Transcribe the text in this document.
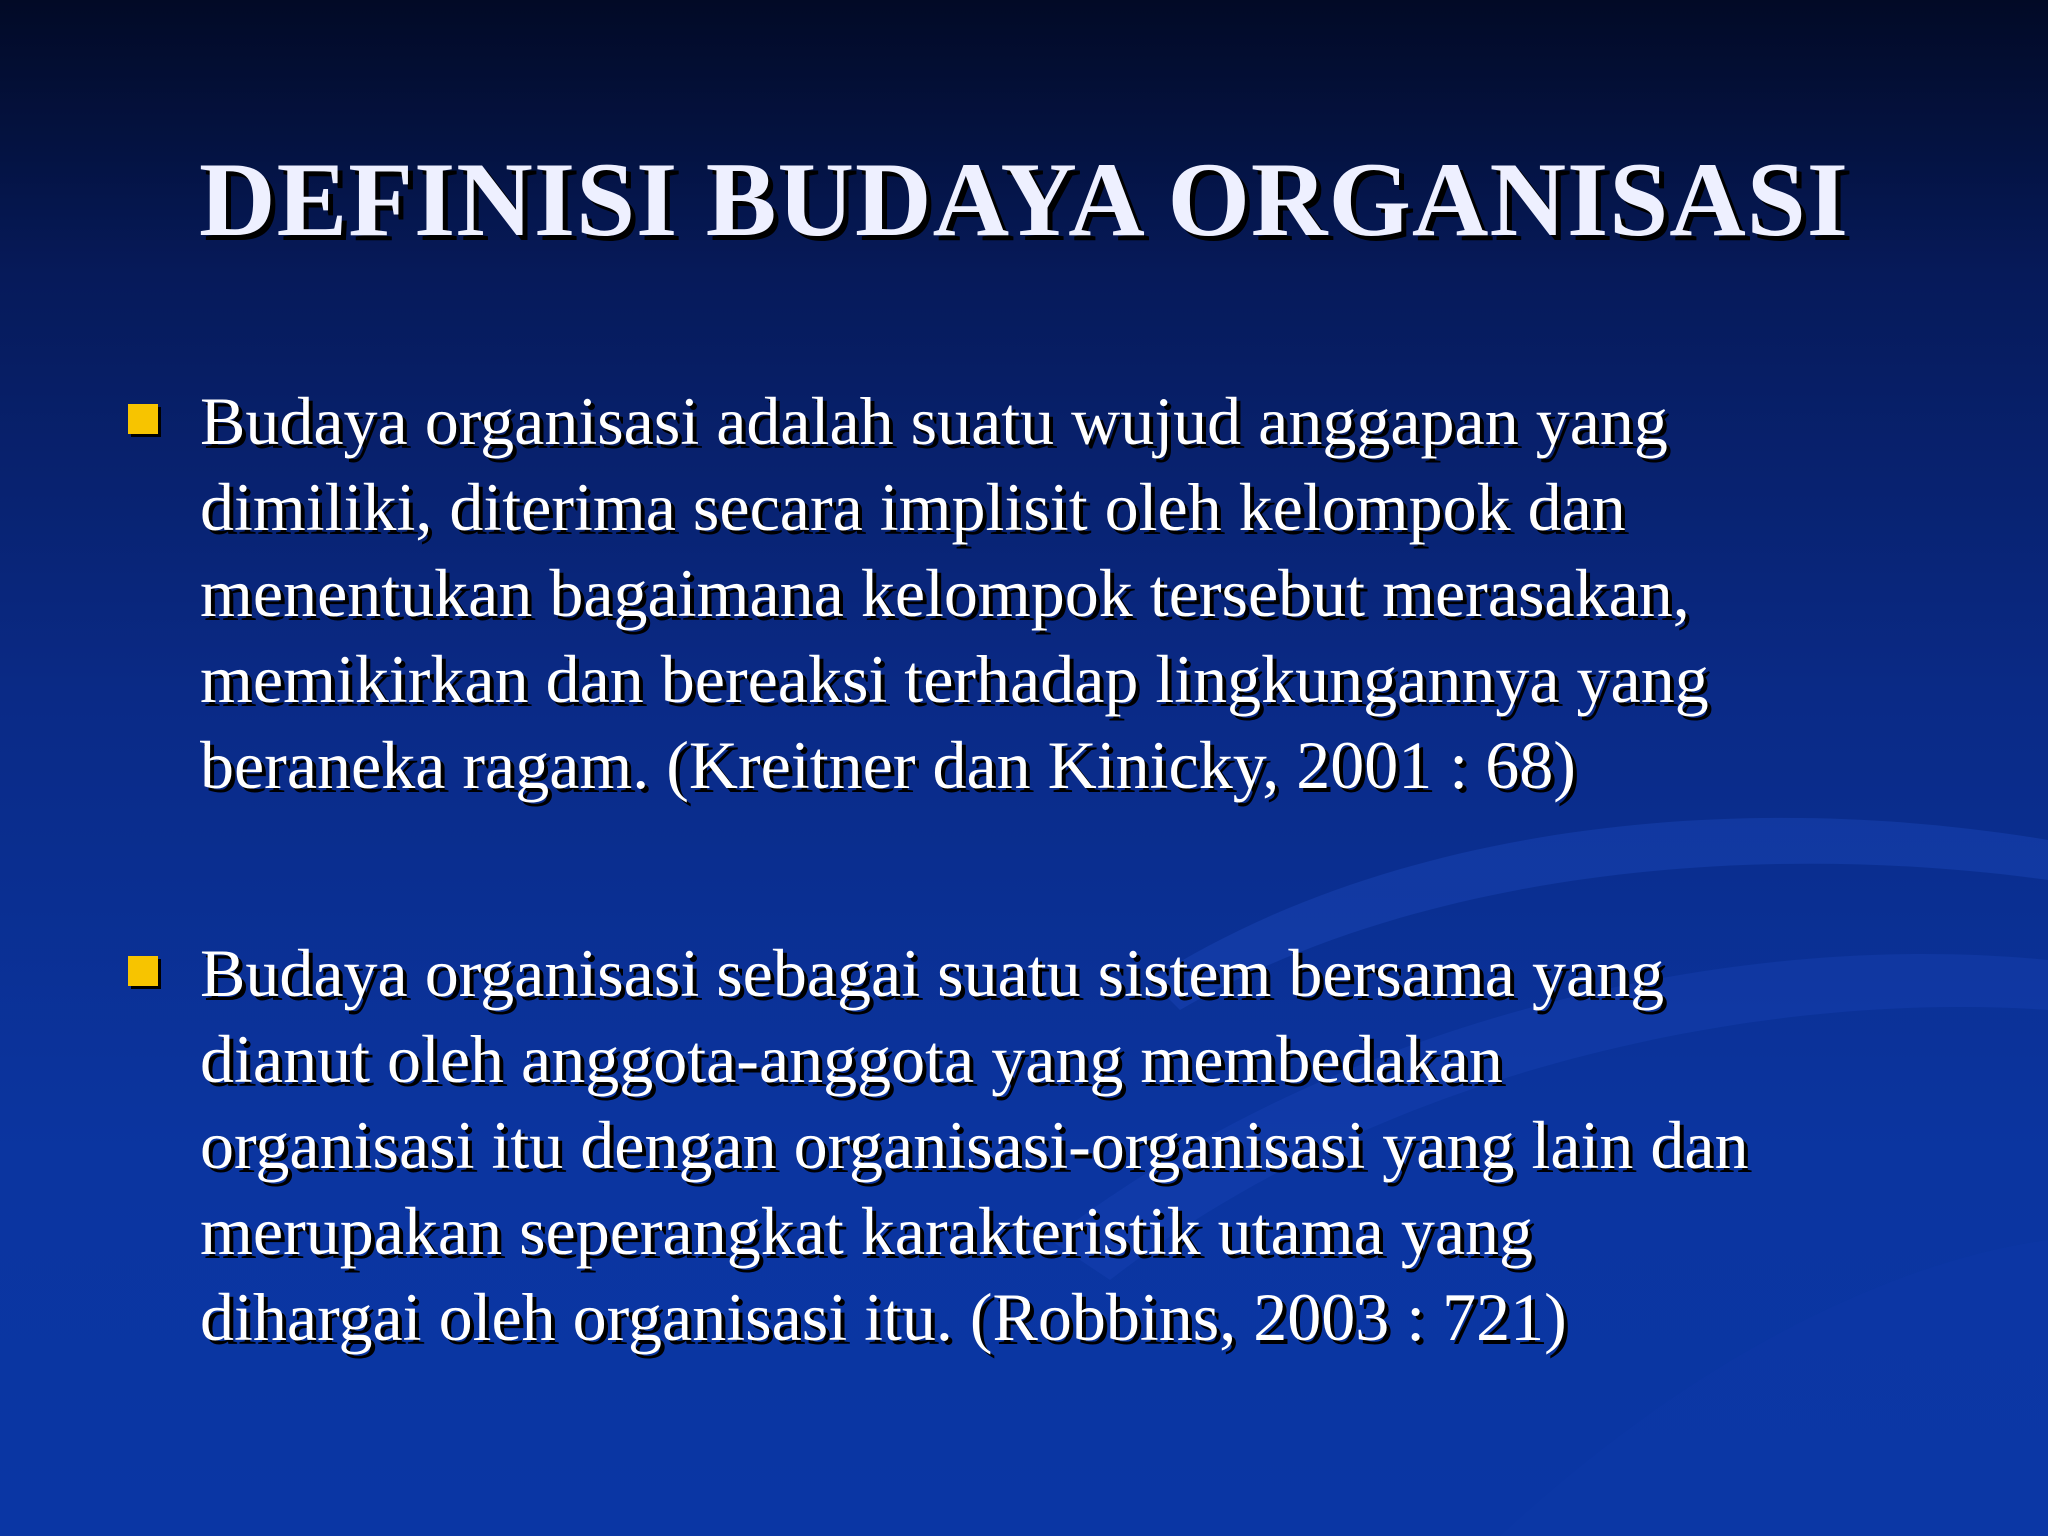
DEFINISI BUDAYA ORGANISASI

Budaya organisasi adalah suatu wujud anggapan yang
dimiliki, diterima secara implisit oleh kelompok dan
menentukan bagaimana kelompok tersebut merasakan,
memikirkan dan bereaksi terhadap lingkungannya yang
beraneka ragam. (Kreitner dan Kinicky, 2001 : 68)

Budaya organisasi sebagai suatu sistem bersama yang
dianut oleh anggota-anggota yang membedakan
organisasi itu dengan organisasi-organisasi yang lain dan
merupakan seperangkat karakteristik utama yang
dihargai oleh organisasi itu. (Robbins, 2003 : 721)
